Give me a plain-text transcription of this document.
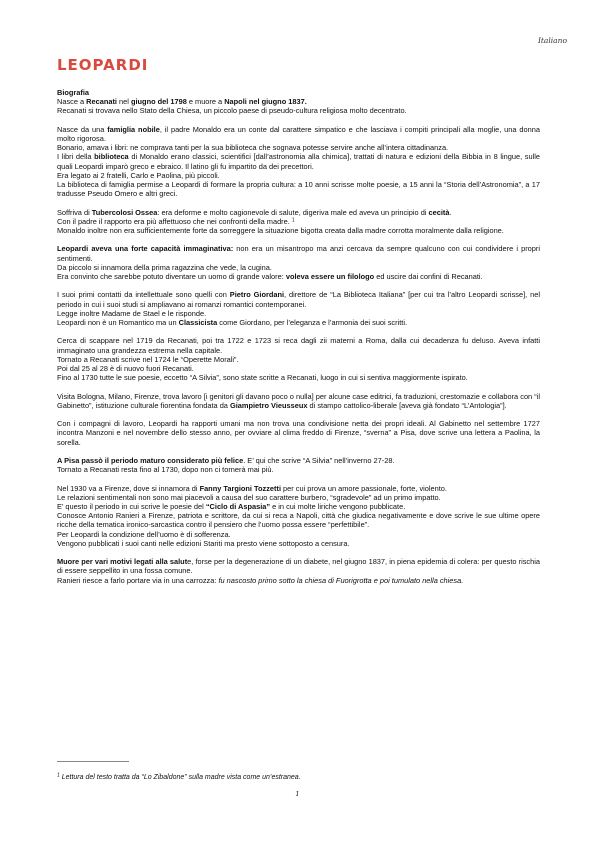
Italiano
LEOPARDI

Biografia

Nasce a Recanati nel giugno del 1798 e muore a Napoli nel giugno 1837.
Recanati si trovava nello Stato della Chiesa, un piccolo paese di pseudo-cultura religiosa molto decentrato.

Nasce da una famiglia nobile, il padre Monaldo era un conte dal carattere simpatico e che lasciava i compiti principali alla moglie, una donna molto rigorosa.
Bonario, amava i libri: ne comprava tanti per la sua biblioteca che sognava potesse servire anche all’intera cittadinanza.
I libri della biblioteca di Monaldo erano classici, scientifici [dall’astronomia alla chimica], trattati di natura e edizioni della Bibbia in 8 lingue, sulle quali Leopardi imparò greco e ebraico. Il latino gli fu impartito da dei precettori.
Era legato ai 2 fratelli, Carlo e Paolina, più piccoli.
La biblioteca di famiglia permise a Leopardi di formare la propria cultura: a 10 anni scrisse molte poesie, a 15 anni la “Storia dell’Astronomia”, a 17 tradusse Pseudo Omero e altri greci.

Soffriva di Tubercolosi Ossea: era deforme e molto cagionevole di salute, digeriva male ed aveva un principio di cecità.
Con il padre il rapporto era più affettuoso che nei confronti della madre. $^1$
Monaldo inoltre non era sufficientemente forte da sorreggere la situazione bigotta creata dalla madre corrotta moralmente dalla religione.

Leopardi aveva una forte capacità immaginativa: non era un misantropo ma anzi cercava da sempre qualcuno con cui condividere i propri sentimenti.
Da piccolo si innamora della prima ragazzina che vede, la cugina.
Era convinto che sarebbe potuto diventare un uomo di grande valore: voleva essere un filologo ed uscire dai confini di Recanati.

I suoi primi contatti da intellettuale sono quelli con Pietro Giordani, direttore de “La Biblioteca Italiana” [per cui tra l’altro Leopardi scrisse], nel periodo in cui i suoi studi si ampliavano ai romanzi romantici contemporanei.
Legge inoltre Madame de Stael e le risponde.
Leopardi non è un Romantico ma un Classicista come Giordano, per l’eleganza e l’armonia dei suoi scritti.

Cerca di scappare nel 1719 da Recanati, poi tra 1722 e 1723 si reca dagli zii materni a Roma, dalla cui decadenza fu deluso. Aveva infatti immaginato una grandezza estrema nella capitale.
Tornato a Recanati scrive nel 1724 le “Operette Morali”.
Poi dal 25 al 28 è di nuovo fuori Recanati.
Fino al 1730 tutte le sue poesie, eccetto “A Silvia”, sono state scritte a Recanati, luogo in cui si sentiva maggiormente ispirato.

Visita Bologna, Milano, Firenze, trova lavoro [i genitori gli davano poco o nulla] per alcune case editrici, fa traduzioni, crestomazie e collabora con “il Gabinetto”, istituzione culturale fiorentina fondata da Giampietro Vieusseux di stampo cattolico-liberale [aveva già fondato “L’Antologia”].

Con i compagni di lavoro, Leopardi ha rapporti umani ma non trova una condivisione netta dei propri ideali. Al Gabinetto nel settembre 1727 incontra Manzoni e nel novembre dello stesso anno, per ovviare al clima freddo di Firenze, “sverna” a Pisa, dove scrive una lettera a Paolina, la sorella.

A Pisa passò il periodo maturo considerato più felice. E’ qui che scrive “A Silvia” nell’inverno 27-28.
Tornato a Recanati resta fino al 1730, dopo non ci tornerà mai più.

Nel 1930 va a Firenze, dove si innamora di Fanny Targioni Tozzetti per cui prova un amore passionale, forte, violento.
Le relazioni sentimentali non sono mai piacevoli a causa del suo carattere burbero, “sgradevole” ad un primo impatto.
E’ questo il periodo in cui scrive le poesie del “Ciclo di Aspasia” e in cui molte liriche vengono pubblicate.
Conosce Antonio Ranieri a Firenze, patriota e scrittore, da cui si reca a Napoli, città che giudica negativamente e dove scrive le sue ultime opere ricche della tematica ironico-sarcastica contro il pensiero che l’uomo possa essere “perfettibile”.
Per Leopardi la condizione dell’uomo è di sofferenza.
Vengono pubblicati i suoi canti nelle edizioni Stariti ma presto viene sottoposto a censura.

Muore per vari motivi legati alla salute, forse per la degenerazione di un diabete, nel giugno 1837, in piena epidemia di colera: per questo rischia di essere seppellito in una fossa comune.
Ranieri riesce a farlo portare via in una carrozza: fu nascosto primo sotto la chiesa di Fuorigrotta e poi tumulato nella chiesa.

$^1$ Lettura del testo tratta da “Lo Zibaldone” sulla madre vista come un’estranea.
1
